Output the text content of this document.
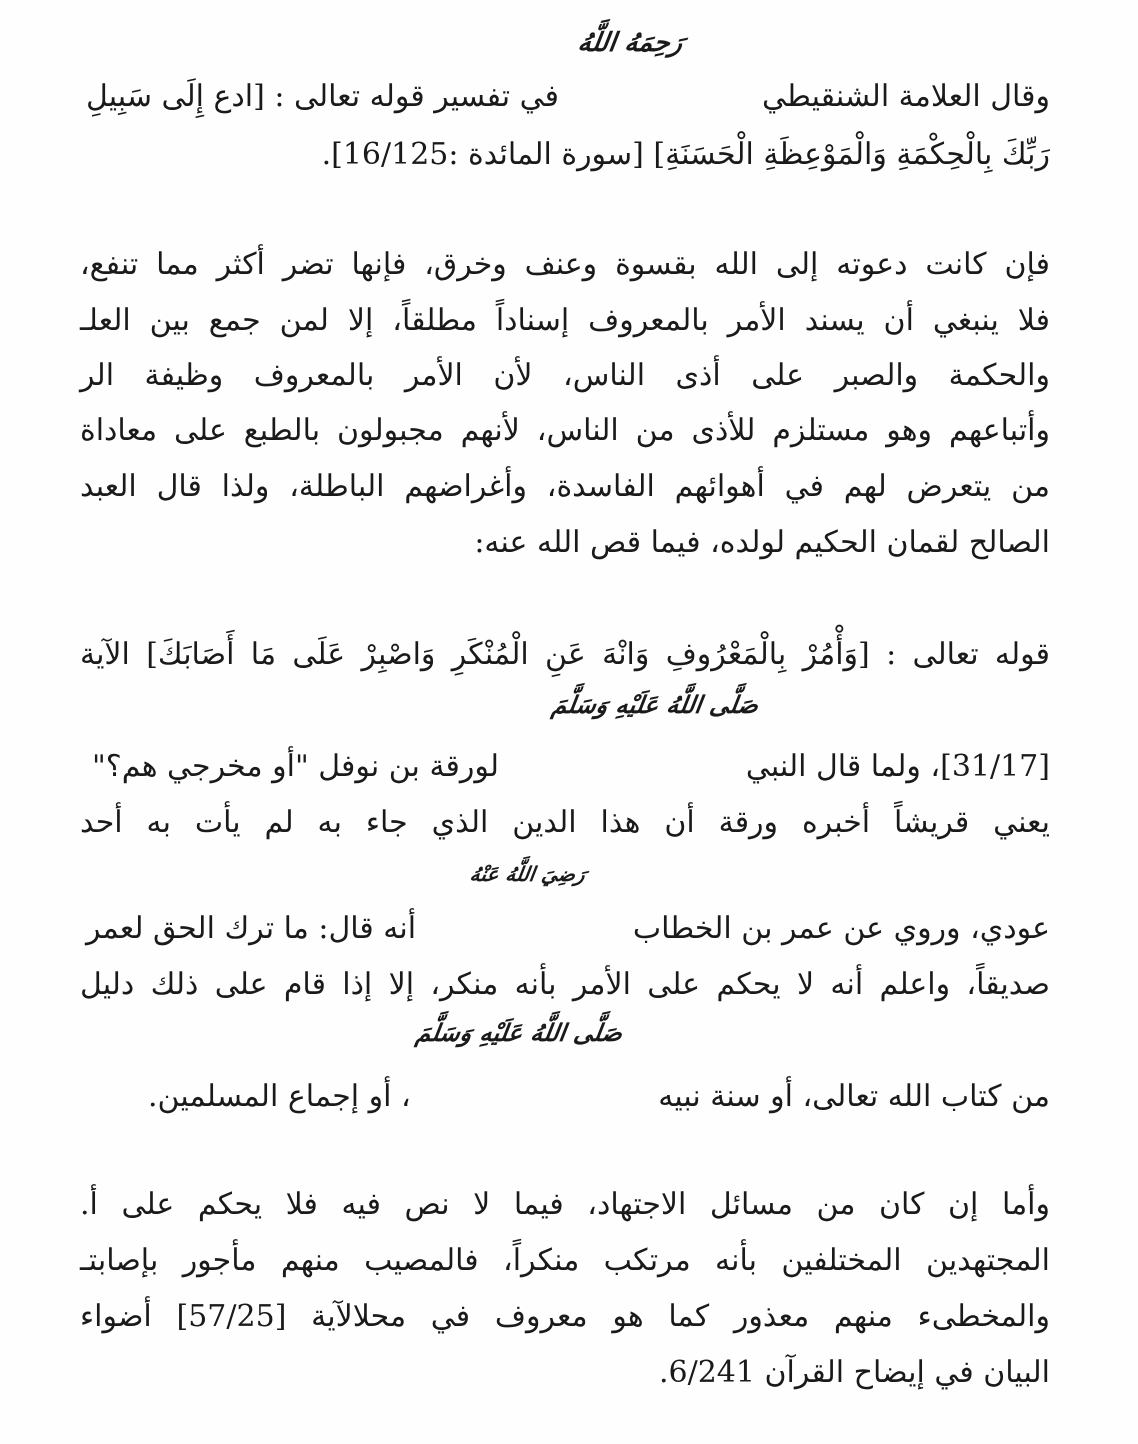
وقال العلامة الشنقيطي
في تفسير قوله تعالى : [ادع إِلَى سَبِيلِ
رَحِمَهُ اللَّهُ
رَبِّكَ بِالْحِكْمَةِ وَالْمَوْعِظَةِ الْحَسَنَةِ] [سورة المائدة :16/125].
فإن كانت دعوته إلى الله بقسوة وعنف وخرق، فإنها تضر أكثر مما تنفع،
فلا ينبغي أن يسند الأمر بالمعروف إسناداً مطلقاً، إلا لمن جمع بين العلـ
والحكمة والصبر على أذى الناس، لأن الأمر بالمعروف وظيفة الر
وأتباعهم وهو مستلزم للأذى من الناس، لأنهم مجبولون بالطبع على معاداة
من يتعرض لهم في أهوائهم الفاسدة، وأغراضهم الباطلة، ولذا قال العبد
الصالح لقمان الحكيم لولده، فيما قص الله عنه:
قوله تعالى : [وَأْمُرْ بِالْمَعْرُوفِ وَانْهَ عَنِ الْمُنْكَرِ وَاصْبِرْ عَلَى مَا أَصَابَكَ] الآية
صَلَّى اللَّهُ عَلَيْهِ وَسَلَّمَ
[31/17]، ولما قال النبي
لورقة بن نوفل "أو مخرجي هم؟"
يعني قريشاً أخبره ورقة أن هذا الدين الذي جاء به لم يأت به أحد
رَضِيَ اللَّهُ عَنْهُ
عودي، وروي عن عمر بن الخطاب
أنه قال: ما ترك الحق لعمر
صديقاً، واعلم أنه لا يحكم على الأمر بأنه منكر، إلا إذا قام على ذلك دليل
صَلَّى اللَّهُ عَلَيْهِ وَسَلَّمَ
من كتاب الله تعالى، أو سنة نبيه
، أو إجماع المسلمين.
وأما إن كان من مسائل الاجتهاد، فيما لا نص فيه فلا يحكم على أ.
المجتهدين المختلفين بأنه مرتكب منكراً، فالمصيب منهم مأجور بإصابتـ
والمخطىء منهم معذور كما هو معروف في محلالآية [57/25] أضواء
البيان في إيضاح القرآن 6/241.
